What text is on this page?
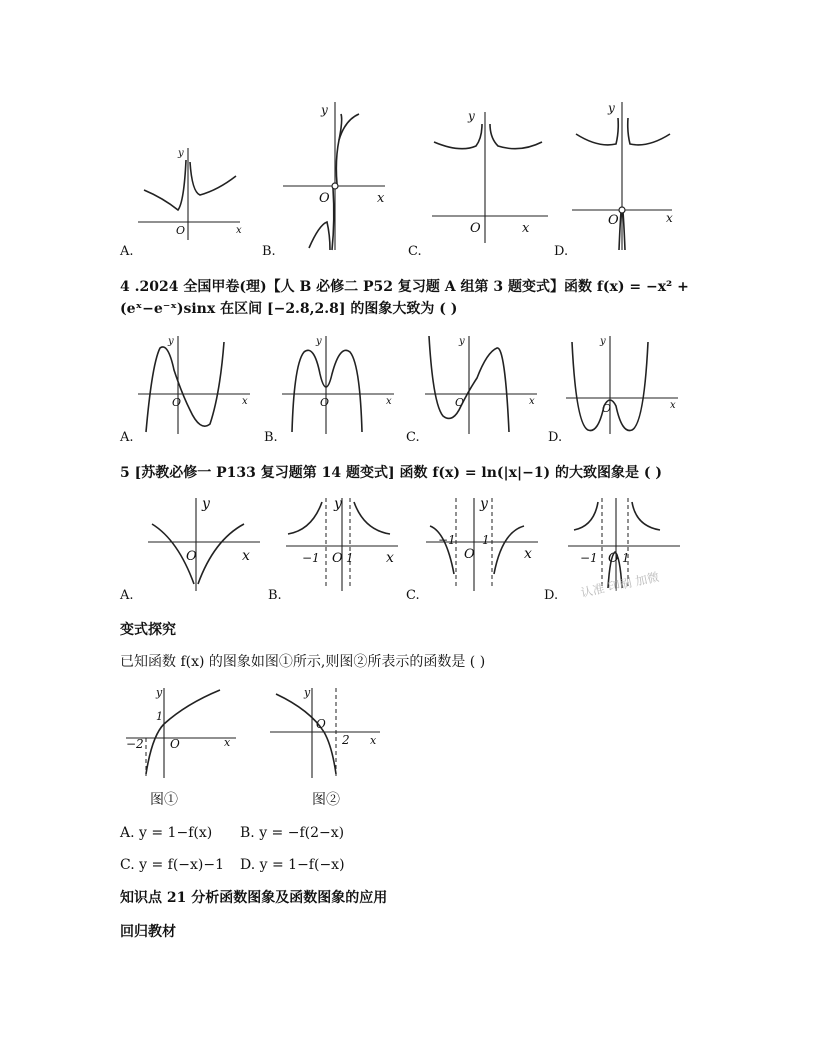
x
y
O
A.
x
y
O
B.
x
y
O
C.
x
y
O
D.
4 .2024 全国甲卷(理)【人 B 必修二 P52 复习题 A 组第 3 题变式】函数 f(x) = −x² +
(eˣ−e⁻ˣ)sinx 在区间 [−2.8,2.8] 的图象大致为 ( )
x
y
O
A.
x
y
O
B.
x
y
O
C.
x
y
O
D.
5 [苏教必修一 P133 复习题第 14 题变式] 函数 f(x) = ln(|x|−1) 的大致图象是 ( )
x
y
O
A.
x
y
O
−1 1
B.
x
y
O
−1 1
C.
−1 O 1
D. 认准 印刷 加微
变式探究
已知函数 f(x) 的图象如图①所示,则图②所表示的函数是 ( )
x
y
O
−2
1
图①
x
y
O
2
图②
A. y = 1−f(x) B. y = −f(2−x)
C. y = f(−x)−1 D. y = 1−f(−x)
知识点 21 分析函数图象及函数图象的应用
回归教材
